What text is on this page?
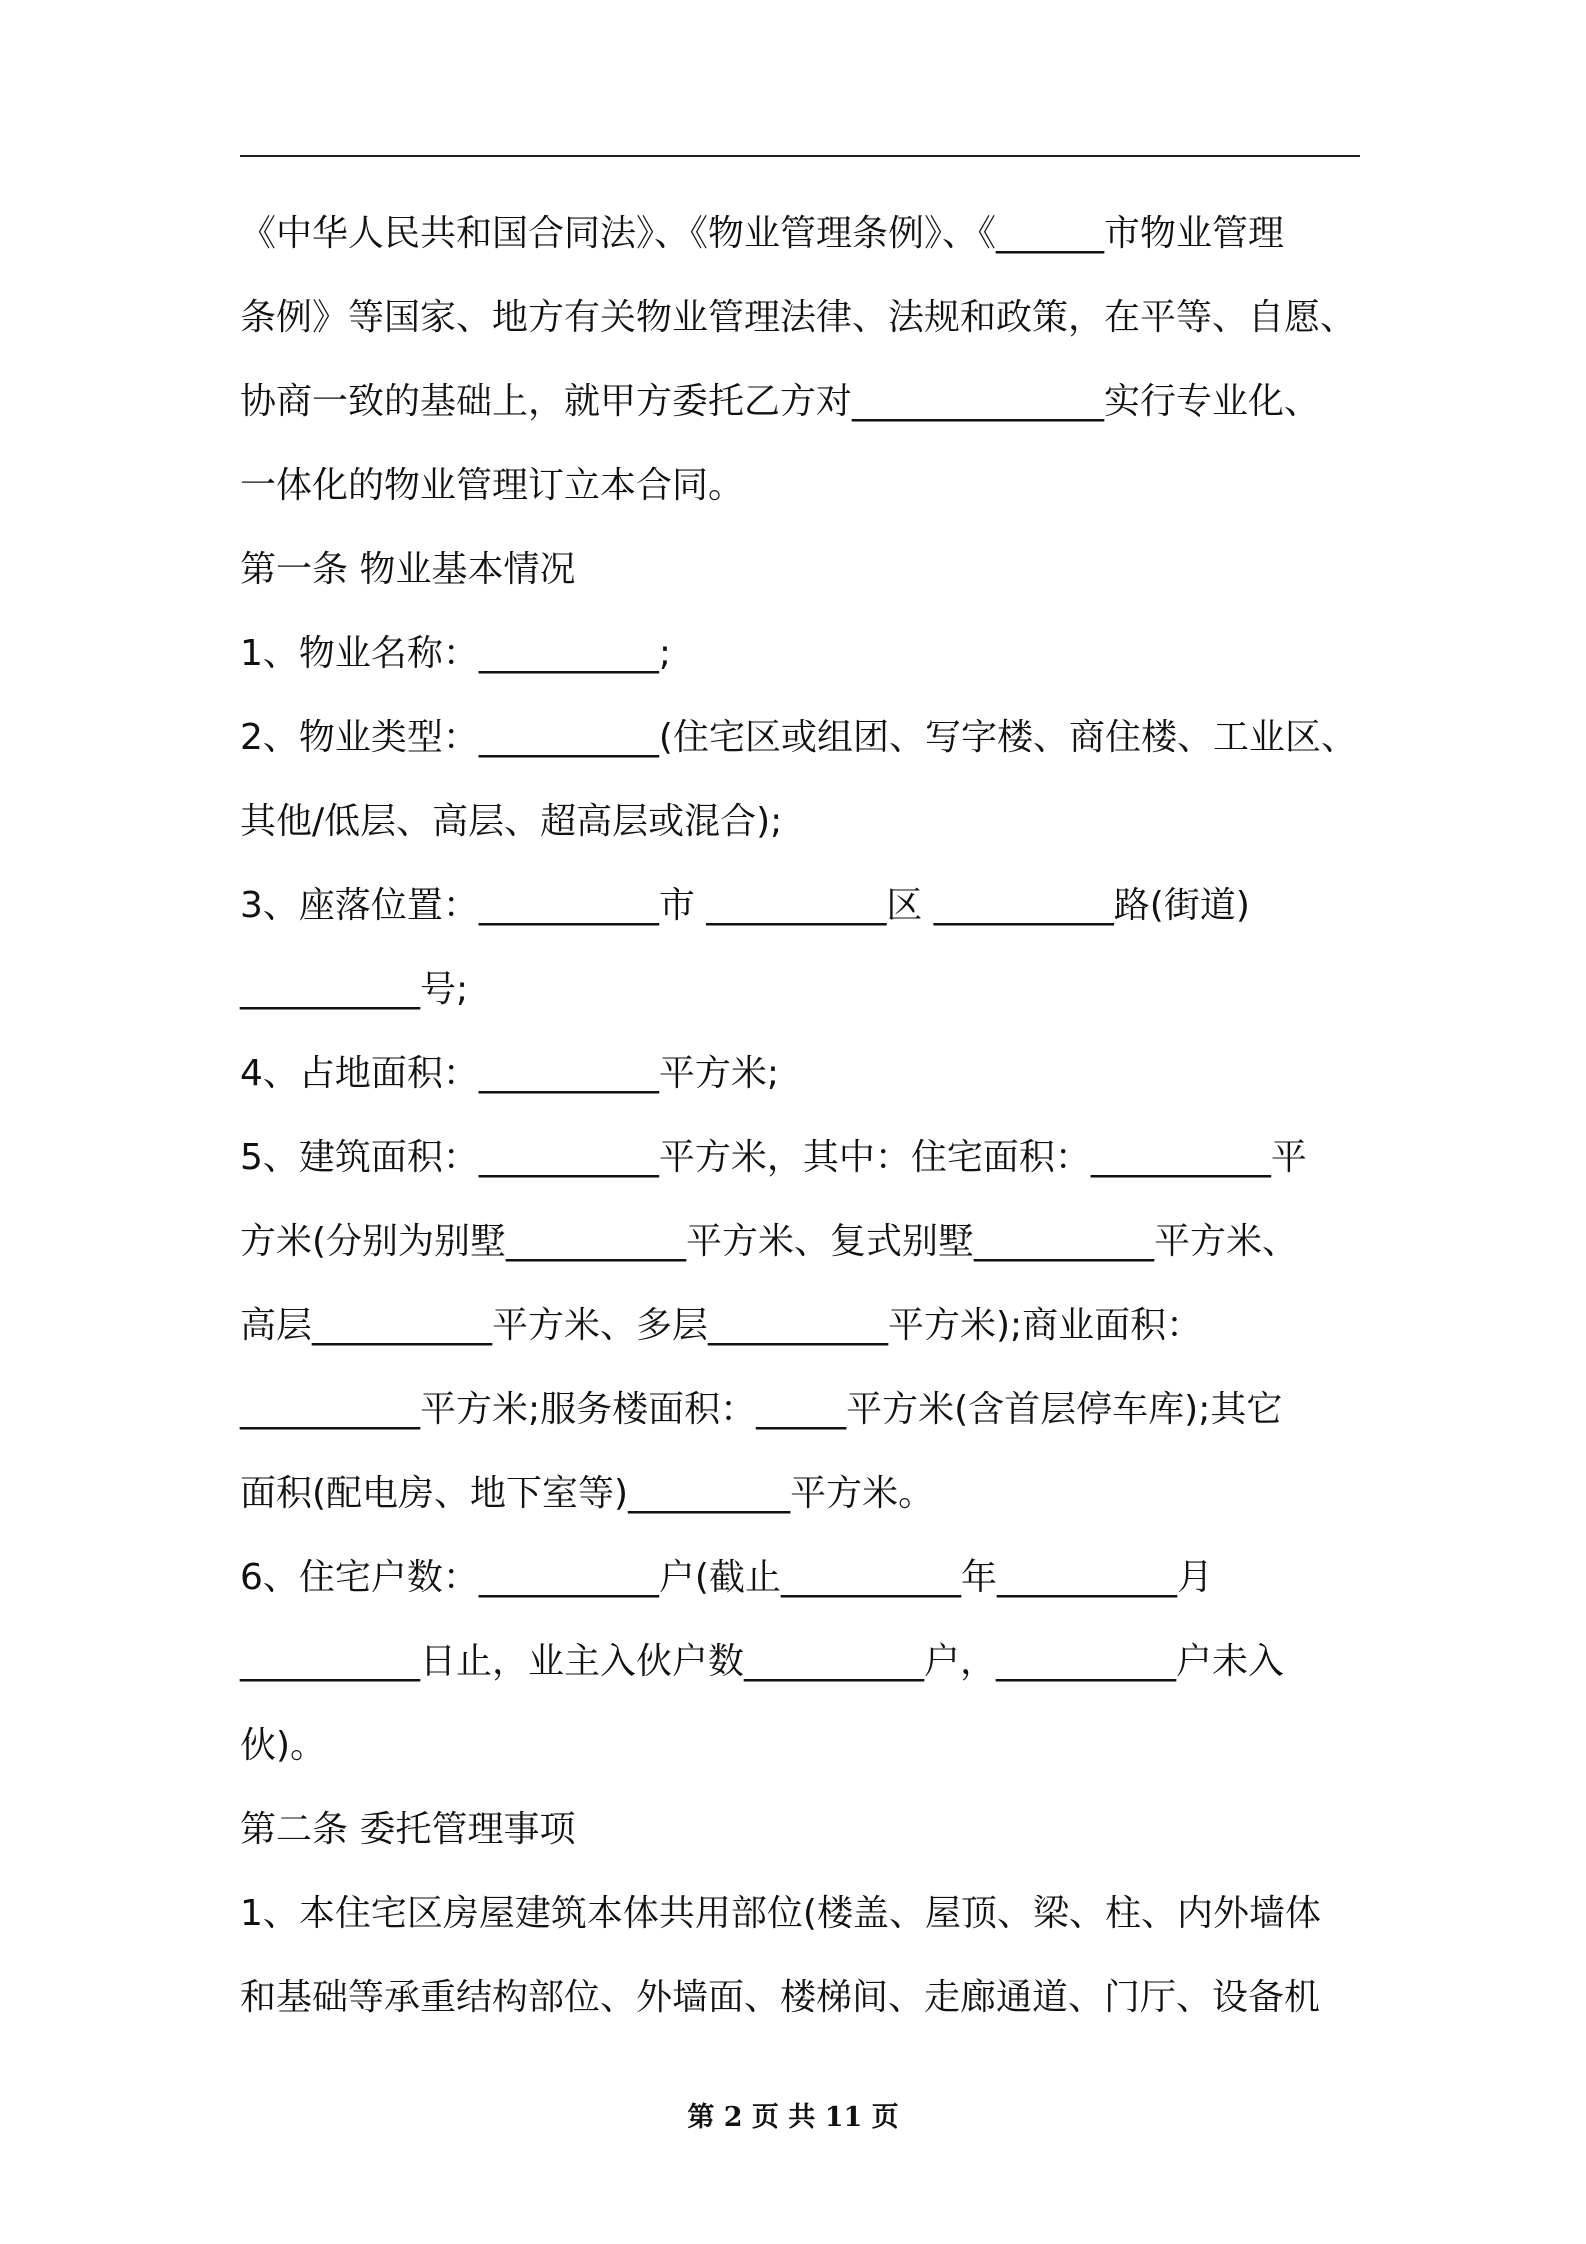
《中华人民共和国合同法》、《物业管理条例》、《______市物业管理
条例》等国家、地方有关物业管理法律、法规和政策，在平等、自愿、
协商一致的基础上，就甲方委托乙方对______________实行专业化、
一体化的物业管理订立本合同。
第一条 物业基本情况
1、物业名称：__________;
2、物业类型：__________(住宅区或组团、写字楼、商住楼、工业区、
其他/低层、高层、超高层或混合);
3、座落位置：__________市 __________区 __________路(街道)
__________号;
4、占地面积：__________平方米;
5、建筑面积：__________平方米，其中：住宅面积：__________平
方米(分别为别墅__________平方米、复式别墅__________平方米、
高层__________平方米、多层__________平方米);商业面积：
__________平方米;服务楼面积：_____平方米(含首层停车库);其它
面积(配电房、地下室等)_________平方米。
6、住宅户数：__________户(截止__________年__________月
__________日止，业主入伙户数__________户，__________户未入
伙)。
第二条 委托管理事项
1、本住宅区房屋建筑本体共用部位(楼盖、屋顶、梁、柱、内外墙体
和基础等承重结构部位、外墙面、楼梯间、走廊通道、门厅、设备机
第 2 页 共 11 页
